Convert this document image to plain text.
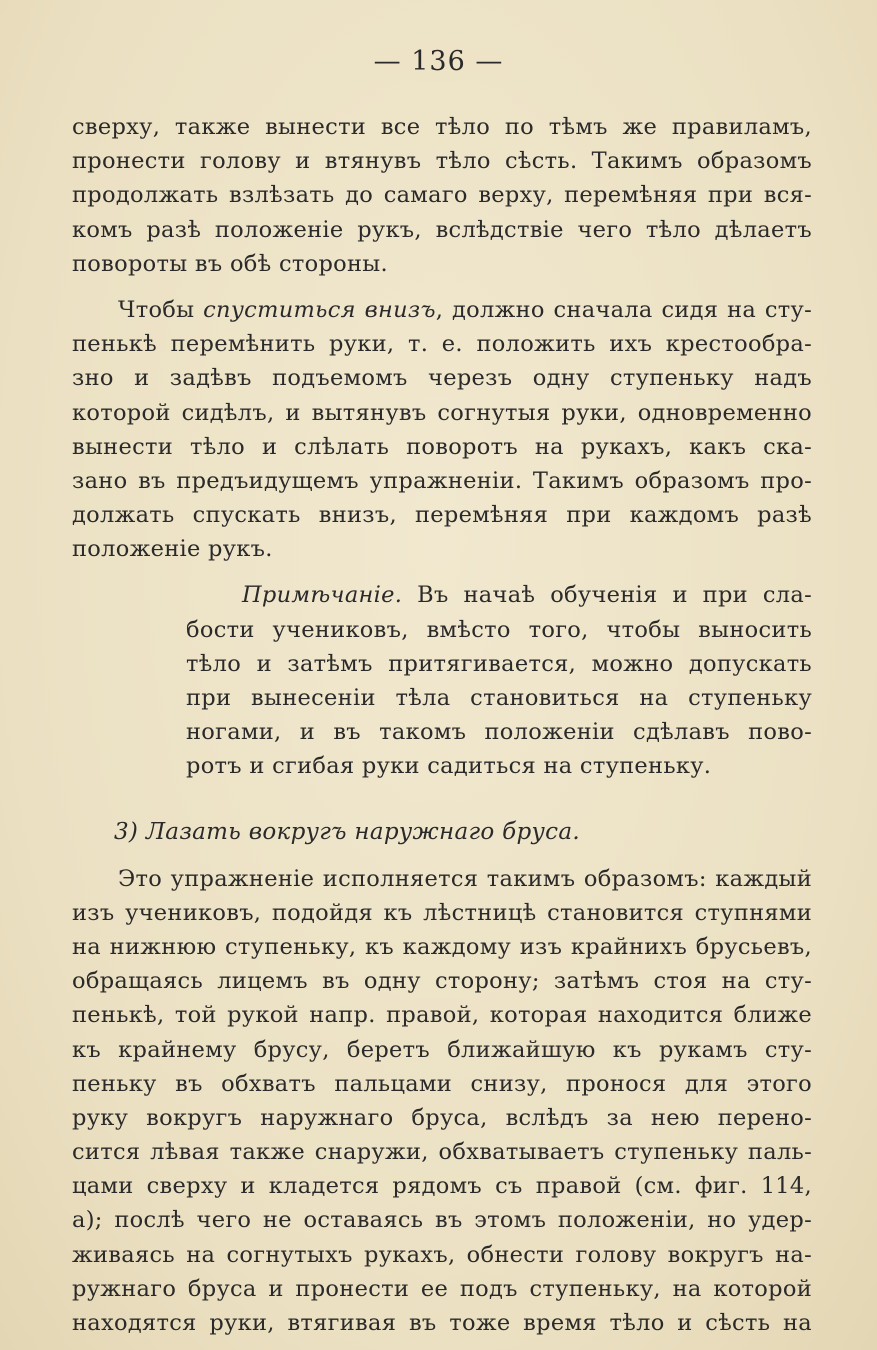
— 136 —
сверху, также вынести все тѣло по тѣмъ же правиламъ,
пронести голову и втянувъ тѣло сѣсть. Такимъ образомъ
продолжать взлѣзать до самаго верху, перемѣняя при вся-
комъ разѣ положеніе рукъ, вслѣдствіе чего тѣло дѣлаетъ
повороты въ обѣ стороны.
Чтобы спуститься внизъ, должно сначала сидя на сту-
пенькѣ перемѣнить руки, т. е. положить ихъ крестообра-
зно и задѣвъ подъемомъ черезъ одну ступеньку надъ
которой сидѣлъ, и вытянувъ согнутыя руки, одновременно
вынести тѣло и слѣлать поворотъ на рукахъ, какъ ска-
зано въ предъидущемъ упражненіи. Такимъ образомъ про-
должать спускать внизъ, перемѣняя при каждомъ разѣ
положеніе рукъ.
Примѣчаніе. Въ начаѣ обученія и при сла-
бости учениковъ, вмѣсто того, чтобы выносить
тѣло и затѣмъ притягивается, можно допускать
при вынесеніи тѣла становиться на ступеньку
ногами, и въ такомъ положеніи сдѣлавъ пово-
ротъ и сгибая руки садиться на ступеньку.
3) Лазать вокругъ наружнаго бруса.
Это упражненіе исполняется такимъ образомъ: каждый
изъ учениковъ, подойдя къ лѣстницѣ становится ступнями
на нижнюю ступеньку, къ каждому изъ крайнихъ брусьевъ,
обращаясь лицемъ въ одну сторону; затѣмъ стоя на сту-
пенькѣ, той рукой напр. правой, которая находится ближе
къ крайнему брусу, беретъ ближайшую къ рукамъ сту-
пеньку въ обхватъ пальцами снизу, пронося для этого
руку вокругъ наружнаго бруса, вслѣдъ за нею перено-
сится лѣвая также снаружи, обхватываетъ ступеньку паль-
цами сверху и кладется рядомъ съ правой (см. фиг. 114,
а); послѣ чего не оставаясь въ этомъ положеніи, но удер-
живаясь на согнутыхъ рукахъ, обнести голову вокругъ на-
ружнаго бруса и пронести ее подъ ступеньку, на которой
находятся руки, втягивая въ тоже время тѣло и сѣсть на
